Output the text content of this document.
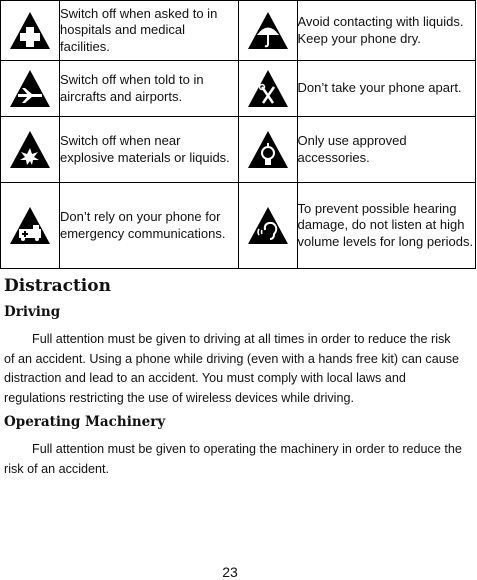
	Switch off when asked to in hospitals and medical facilities.		Avoid contacting with liquids. Keep your phone dry.

	Switch off when told to in aircrafts and airports.		Don’t take your phone apart.

	Switch off when near explosive materials or liquids.		Only use approved accessories.

	Don’t rely on your phone for emergency communications.		To prevent possible hearing damage, do not listen at high volume levels for long periods.
Distraction
Driving

Full attention must be given to driving at all times in order to reduce the risk of an accident. Using a phone while driving (even with a hands free kit) can cause distraction and lead to an accident. You must comply with local laws and regulations restricting the use of wireless devices while driving.

Operating Machinery

Full attention must be given to operating the machinery in order to reduce the risk of an accident.

23
